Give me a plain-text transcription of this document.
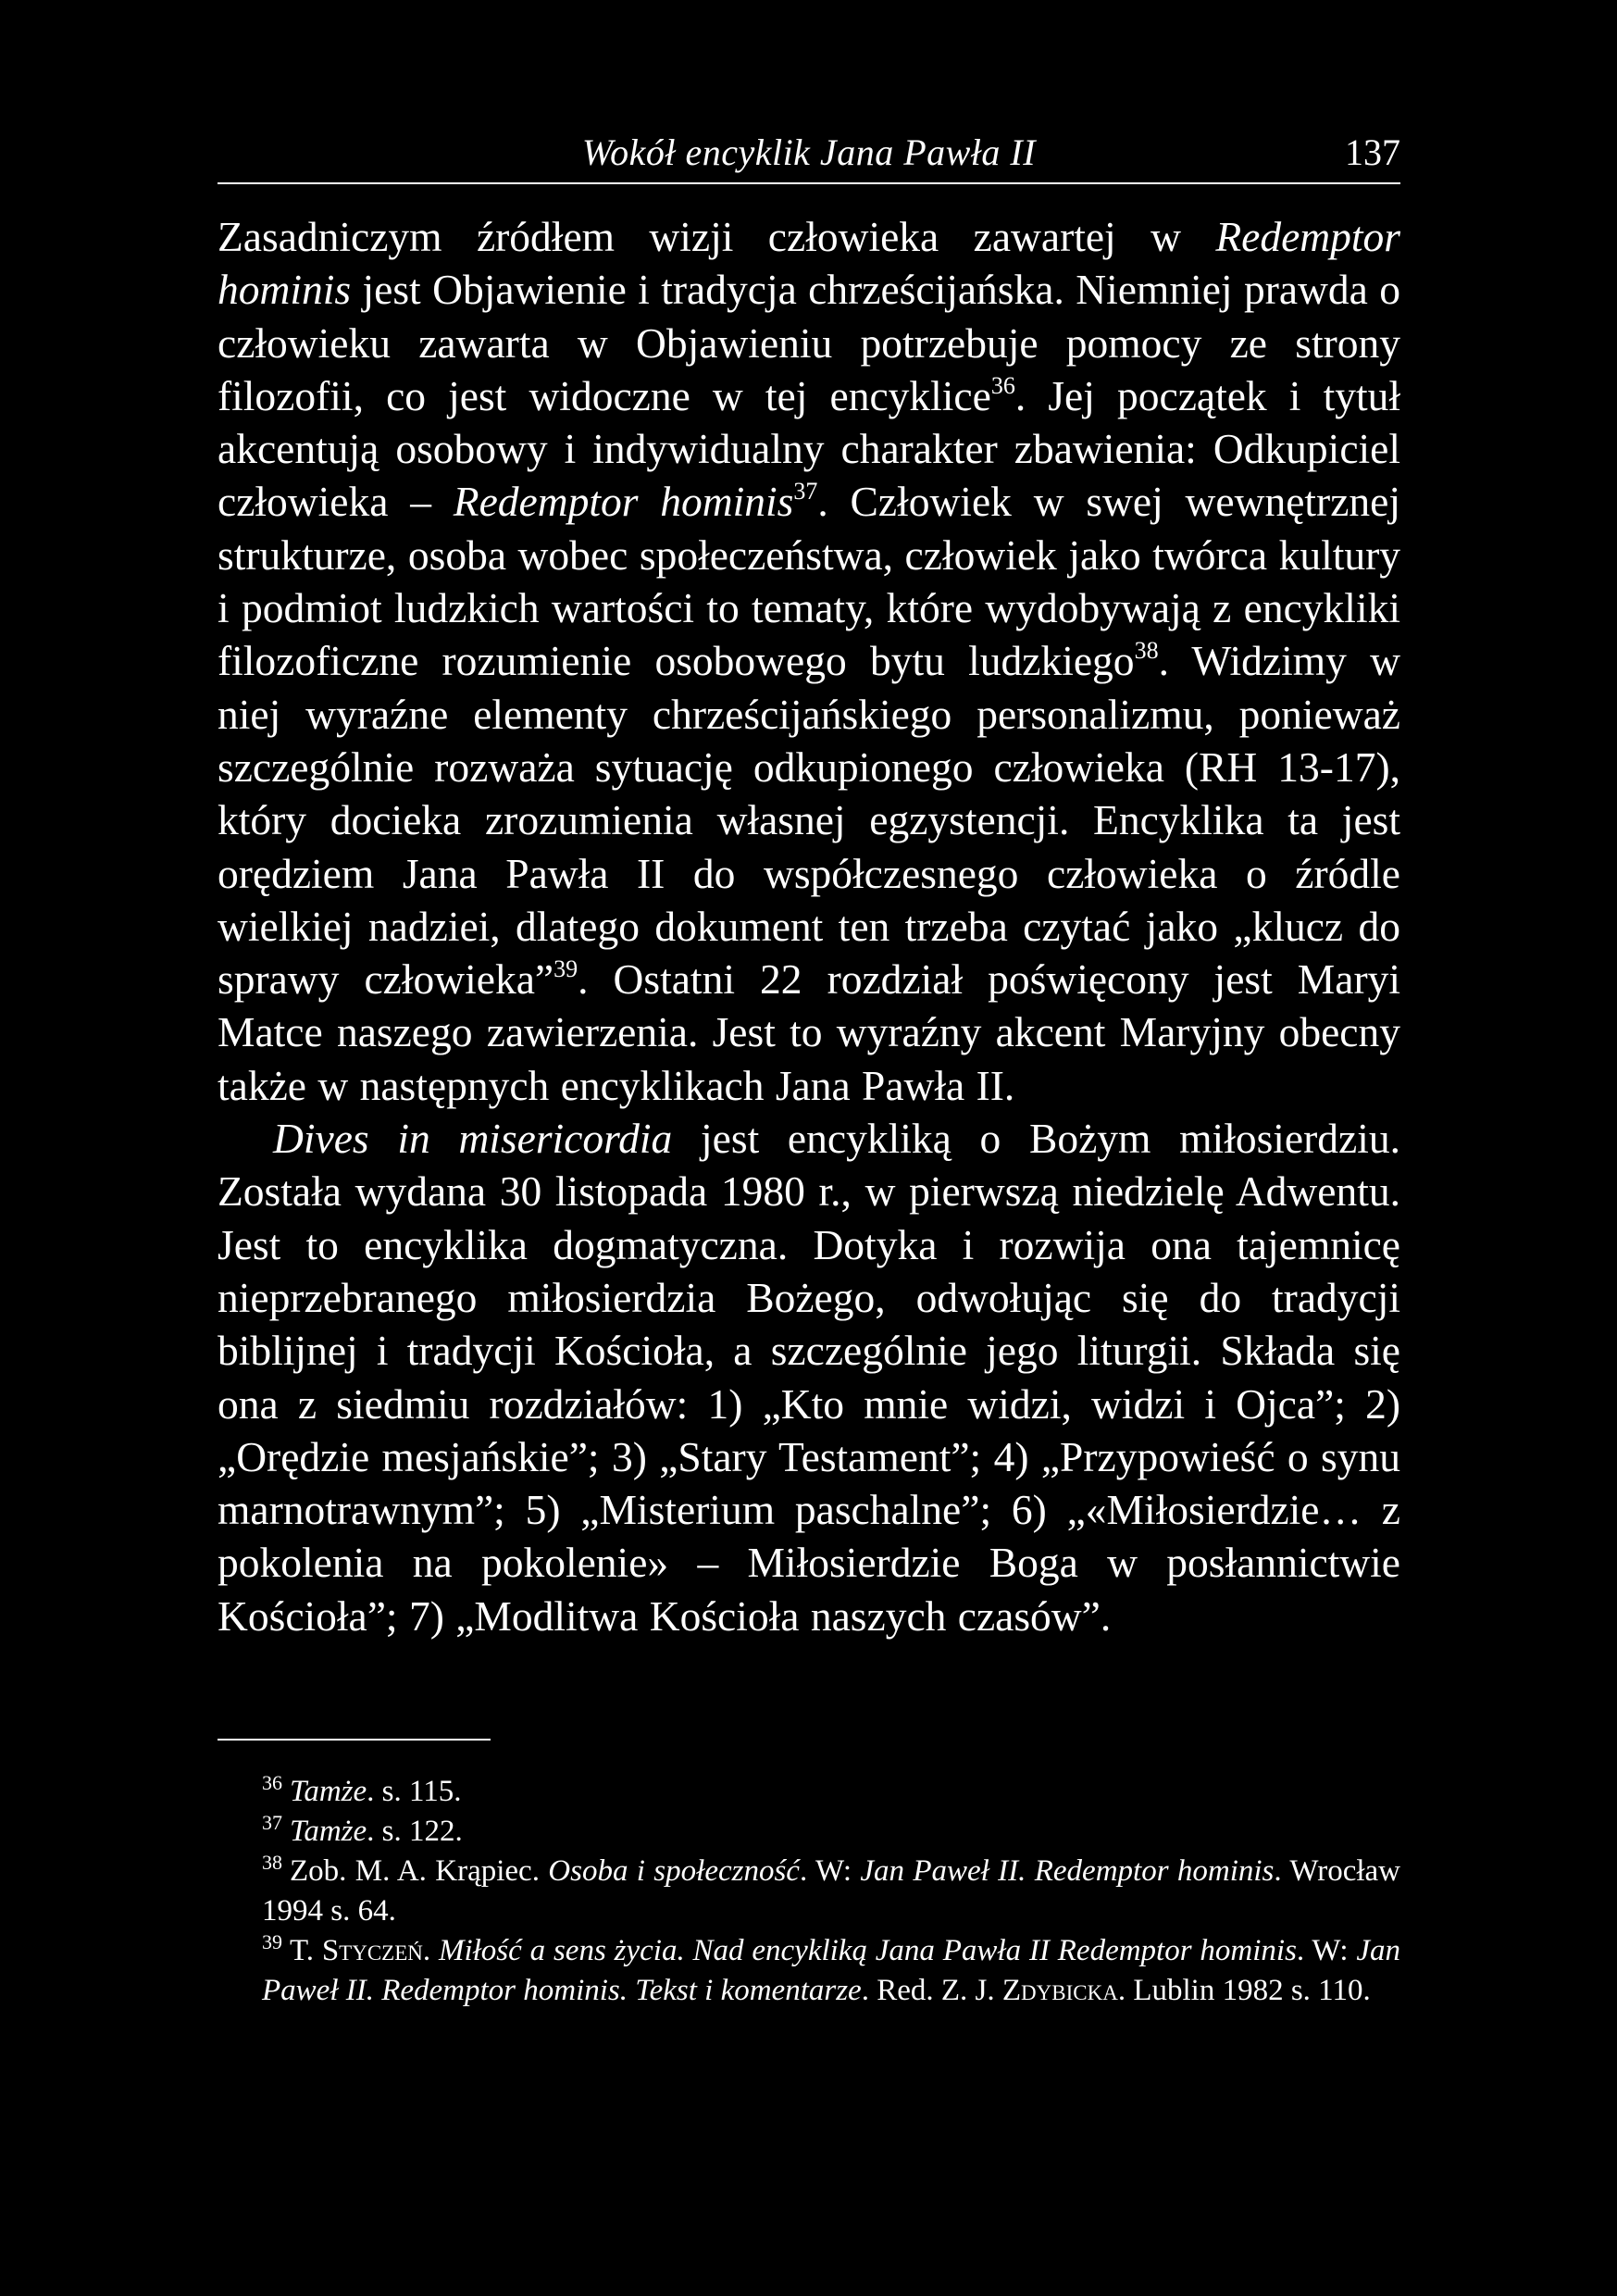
Wokół encyklik Jana Pawła II	137

Zasadniczym źródłem wizji człowieka zawartej w Redemptor hominis jest Objawienie i tradycja chrześcijańska. Niemniej prawda o człowieku zawarta w Objawieniu potrzebuje pomocy ze strony filozofii, co jest widoczne w tej encyklice$^{36}$. Jej początek i tytuł akcentują osobowy i indywidualny charakter zbawienia: Odkupiciel człowieka – Redemptor hominis$^{37}$. Człowiek w swej wewnętrznej strukturze, osoba wobec społeczeństwa, człowiek jako twórca kultury i podmiot ludzkich wartości to tematy, które wydobywają z encykliki filozoficzne rozumienie osobowego bytu ludzkiego$^{38}$. Widzimy w niej wyraźne elementy chrześcijańskiego personalizmu, ponieważ szczególnie rozważa sytuację odkupionego człowieka (RH 13-17), który docieka zrozumienia własnej egzystencji. Encyklika ta jest orędziem Jana Pawła II do współczesnego człowieka o źródle wielkiej nadziei, dlatego dokument ten trzeba czytać jako „klucz do sprawy człowieka”$^{39}$. Ostatni 22 rozdział poświęcony jest Maryi Matce naszego zawierzenia. Jest to wyraźny akcent Maryjny obecny także w następnych encyklikach Jana Pawła II.

Dives in misericordia jest encykliką o Bożym miłosierdziu. Została wydana 30 listopada 1980 r., w pierwszą niedzielę Adwentu. Jest to encyklika dogmatyczna. Dotyka i rozwija ona tajemnicę nieprzebranego miłosierdzia Bożego, odwołując się do tradycji biblijnej i tradycji Kościoła, a szczególnie jego liturgii. Składa się ona z siedmiu rozdziałów: 1) „Kto mnie widzi, widzi i Ojca”; 2) „Orędzie mesjańskie”; 3) „Stary Testament”; 4) „Przypowieść o synu marnotrawnym”; 5) „Misterium paschalne”; 6) „«Miłosierdzie… z pokolenia na pokolenie» – Miłosierdzie Boga w posłannictwie Kościoła”; 7) „Modlitwa Kościoła naszych czasów”.

$^{36}$ Tamże. s. 115.
$^{37}$ Tamże. s. 122.
$^{38}$ Zob. M. A. Krąpiec. Osoba i społeczność. W: Jan Paweł II. Redemptor hominis. Wrocław 1994 s. 64.
$^{39}$ T. Styczeń. Miłość a sens życia. Nad encykliką Jana Pawła II Redemptor hominis. W: Jan Paweł II. Redemptor hominis. Tekst i komentarze. Red. Z. J. Zdybicka. Lublin 1982 s. 110.
